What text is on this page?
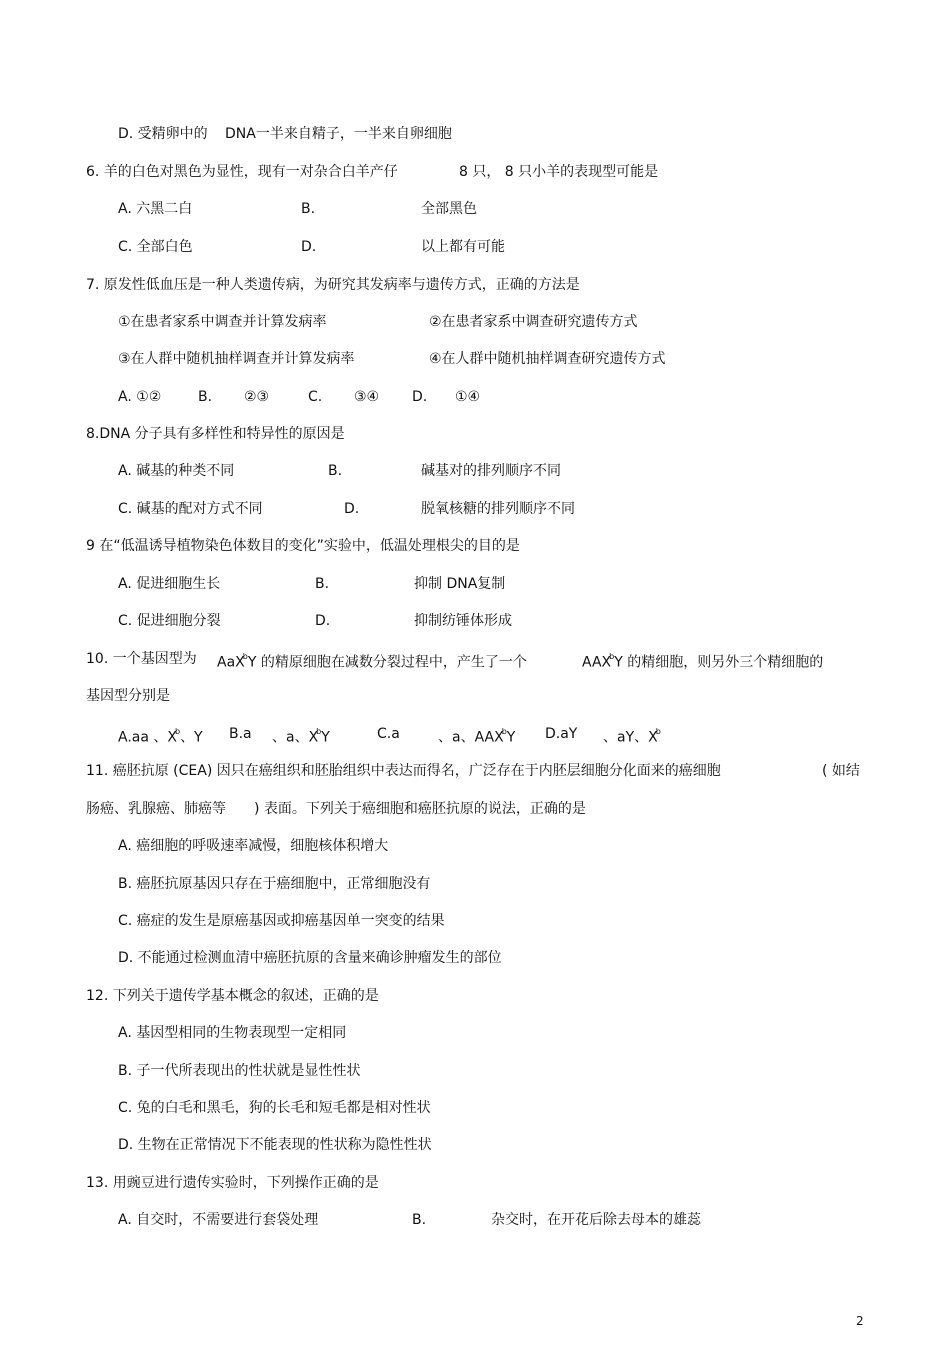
D. 受精卵中的 DNA一半来自精子，一半来自卵细胞
6. 羊的白色对黑色为显性，现有一对杂合白羊产仔	8 只， 8 只小羊的表现型可能是
A. 六黑二白	B.	全部黑色
C. 全部白色	D.	以上都有可能
7. 原发性低血压是一种人类遗传病，为研究其发病率与遗传方式，正确的方法是
①在患者家系中调查并计算发病率	②在患者家系中调查研究遗传方式
③在人群中随机抽样调查并计算发病率	④在人群中随机抽样调查研究遗传方式
A. ①②	B. ②③	C. ③④ D. ①④
8.DNA 分子具有多样性和特异性的原因是
A. 碱基的种类不同	B.	碱基对的排列顺序不同
C. 碱基的配对方式不同	D.	脱氧核糖的排列顺序不同
9 在“低温诱导植物染色体数目的变化”实验中，低温处理根尖的目的是
A. 促进细胞生长	B.	抑制 DNA复制
C. 促进细胞分裂	D.	抑制纺锤体形成
10. 一个基因型为 AaX$^b$Y 的精原细胞在减数分裂过程中，产生了一个	AAX$^b$Y 的精细胞，则另外三个精细胞的
基因型分别是
A.aa 、$X^b$、Y B.a 、a、$X^bY$	C.a	、a、AAX$^b$Y D.aY 、aY、$X^b$
11. 癌胚抗原 (CEA) 因只在癌组织和胚胎组织中表达而得名，广泛存在于内胚层细胞分化面来的癌细胞	( 如结
肠癌、乳腺癌、肺癌等 ) 表面。下列关于癌细胞和癌胚抗原的说法，正确的是
A. 癌细胞的呼吸速率减慢，细胞核体积增大
B. 癌胚抗原基因只存在于癌细胞中，正常细胞没有
C. 癌症的发生是原癌基因或抑癌基因单一突变的结果
D. 不能通过检测血清中癌胚抗原的含量来确诊肿瘤发生的部位
12. 下列关于遗传学基本概念的叙述，正确的是
A. 基因型相同的生物表现型一定相同
B. 子一代所表现出的性状就是显性性状
C. 兔的白毛和黑毛，狗的长毛和短毛都是相对性状
D. 生物在正常情况下不能表现的性状称为隐性性状
13. 用豌豆进行遗传实验时，下列操作正确的是
A. 自交时，不需要进行套袋处理	B.	杂交时，在开花后除去母本的雄蕊
2
